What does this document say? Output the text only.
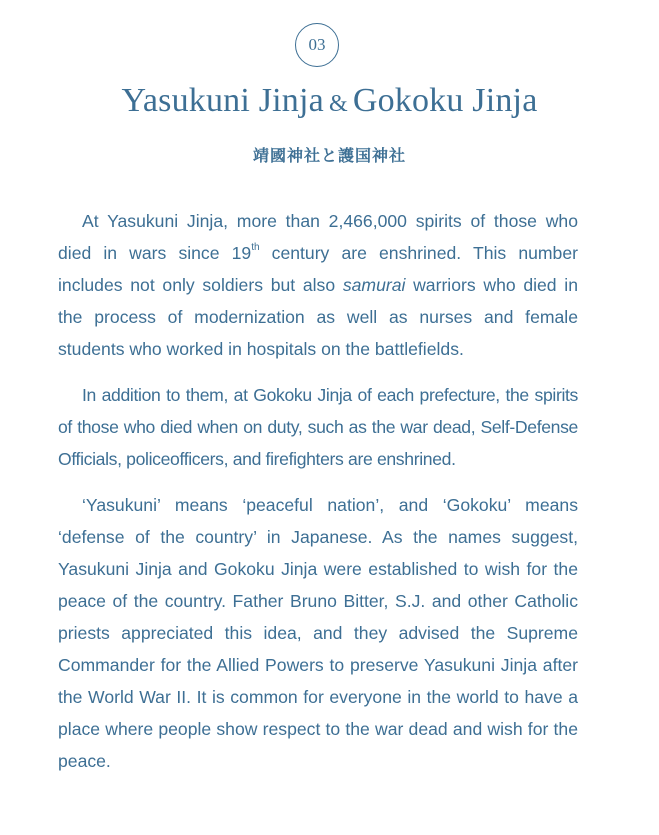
03
Yasukuni Jinja & Gokoku Jinja
靖國神社と護国神社

At Yasukuni Jinja, more than 2,466,000 spirits of those who died in wars since 19th century are enshrined. This number includes not only soldiers but also samurai warriors who died in the process of modernization as well as nurses and female students who worked in hospitals on the battlefields.

In addition to them, at Gokoku Jinja of each prefecture, the spirits of those who died when on duty, such as the war dead, Self-Defense Officials, policeofficers, and firefighters are enshrined.

‘Yasukuni’ means ‘peaceful nation’, and ‘Gokoku’ means ‘defense of the country’ in Japanese. As the names suggest, Yasukuni Jinja and Gokoku Jinja were established to wish for the peace of the country. Father Bruno Bitter, S.J. and other Catholic priests appreciated this idea, and they advised the Supreme Commander for the Allied Powers to preserve Yasukuni Jinja after the World War II. It is common for everyone in the world to have a place where people show respect to the war dead and wish for the peace.
